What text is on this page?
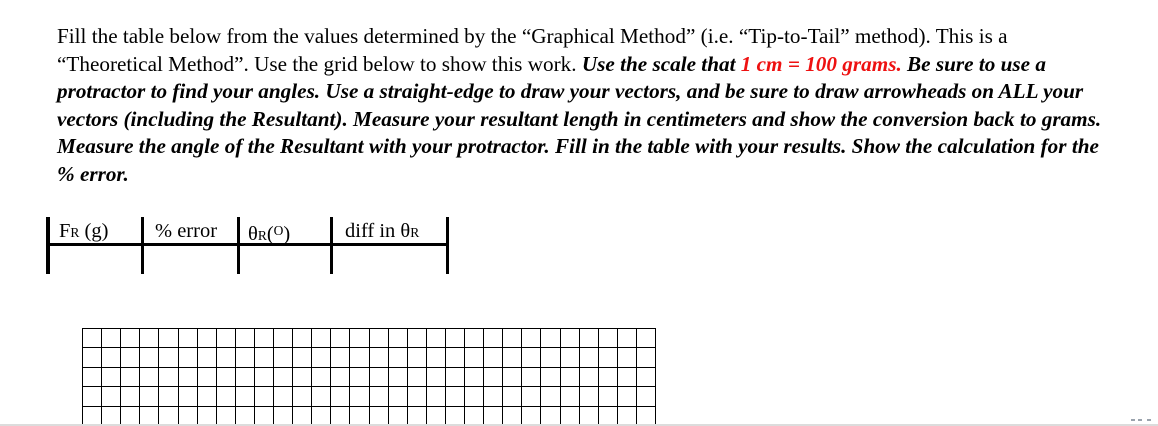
Fill the table below from the values determined by the “Graphical Method” (i.e. “Tip-to-Tail” method). This is a “Theoretical Method”. Use the grid below to show this work. Use the scale that 1 cm = 100 grams. Be sure to use a protractor to find your angles. Use a straight-edge to draw your vectors, and be sure to draw arrowheads on ALL your vectors (including the Resultant). Measure your resultant length in centimeters and show the conversion back to grams. Measure the angle of the Resultant with your protractor. Fill in the table with your results. Show the calculation for the % error.
FR (g) % error θR($^O$)	diff in θR
